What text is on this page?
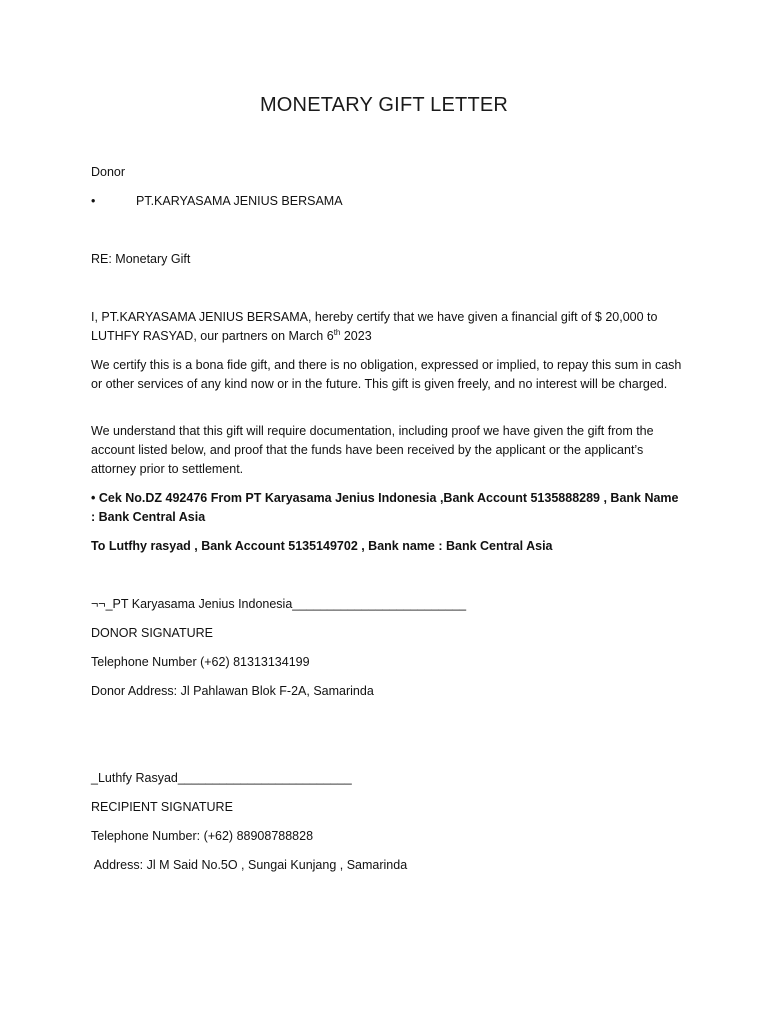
MONETARY GIFT LETTER
Donor
•	PT.KARYASAMA JENIUS BERSAMA
RE: Monetary Gift
I, PT.KARYASAMA JENIUS BERSAMA, hereby certify that we have given a financial gift of $ 20,000 to
LUTHFY RASYAD, our partners on March 6th 2023
We certify this is a bona fide gift, and there is no obligation, expressed or implied, to repay this sum in cash or other services of any kind now or in the future. This gift is given freely, and no interest will be charged.
We understand that this gift will require documentation, including proof we have given the gift from the account listed below, and proof that the funds have been received by the applicant or the applicant’s attorney prior to settlement.
• Cek No.DZ 492476 From PT Karyasama Jenius Indonesia ,Bank Account 5135888289 , Bank Name : Bank Central Asia
To Lutfhy rasyad , Bank Account 5135149702 , Bank name : Bank Central Asia
¬¬_PT Karyasama Jenius Indonesia_________________________
DONOR SIGNATURE
Telephone Number (+62) 81313134199
Donor Address: Jl Pahlawan Blok F-2A, Samarinda
_Luthfy Rasyad_________________________
RECIPIENT SIGNATURE
Telephone Number: (+62) 88908788828
Address: Jl M Said No.5O , Sungai Kunjang , Samarinda
